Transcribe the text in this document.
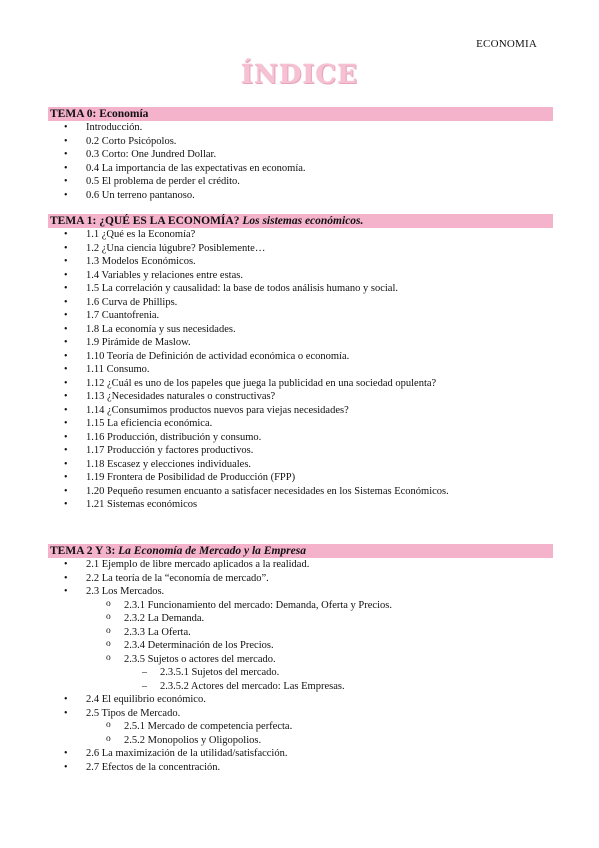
ECONOMIA
ÍNDICE
TEMA 0: Economía
• Introducción.
• 0.2 Corto Psicópolos.
• 0.3 Corto: One Jundred Dollar.
• 0.4 La importancia de las expectativas en economía.
• 0.5 El problema de perder el crédito.
• 0.6 Un terreno pantanoso.
TEMA 1: ¿QUÉ ES LA ECONOMÍA? Los sistemas económicos.
• 1.1 ¿Qué es la Economía?
• 1.2 ¿Una ciencia lúgubre? Posiblemente…
• 1.3 Modelos Económicos.
• 1.4 Variables y relaciones entre estas.
• 1.5 La correlación y causalidad: la base de todos análisis humano y social.
• 1.6 Curva de Phillips.
• 1.7 Cuantofrenia.
• 1.8 La economía y sus necesidades.
• 1.9 Pirámide de Maslow.
• 1.10 Teoría de Definición de actividad económica o economía.
• 1.11 Consumo.
• 1.12 ¿Cuál es uno de los papeles que juega la publicidad en una sociedad opulenta?
• 1.13 ¿Necesidades naturales o constructivas?
• 1.14 ¿Consumimos productos nuevos para viejas necesidades?
• 1.15 La eficiencia económica.
• 1.16 Producción, distribución y consumo.
• 1.17 Producción y factores productivos.
• 1.18 Escasez y elecciones individuales.
• 1.19 Frontera de Posibilidad de Producción (FPP)
• 1.20 Pequeño resumen encuanto a satisfacer necesidades en los Sistemas Económicos.
• 1.21 Sistemas económicos
TEMA 2 Y 3: La Economía de Mercado y la Empresa
• 2.1 Ejemplo de libre mercado aplicados a la realidad.
• 2.2 La teoría de la “economía de mercado”.
• 2.3 Los Mercados.
o 2.3.1 Funcionamiento del mercado: Demanda, Oferta y Precios.
o 2.3.2 La Demanda.
o 2.3.3 La Oferta.
o 2.3.4 Determinación de los Precios.
o 2.3.5 Sujetos o actores del mercado.
– 2.3.5.1 Sujetos del mercado.
– 2.3.5.2 Actores del mercado: Las Empresas.
• 2.4 El equilibrio económico.
• 2.5 Tipos de Mercado.
o 2.5.1 Mercado de competencia perfecta.
o 2.5.2 Monopolios y Oligopolios.
• 2.6 La maximización de la utilidad/satisfacción.
• 2.7 Efectos de la concentración.
